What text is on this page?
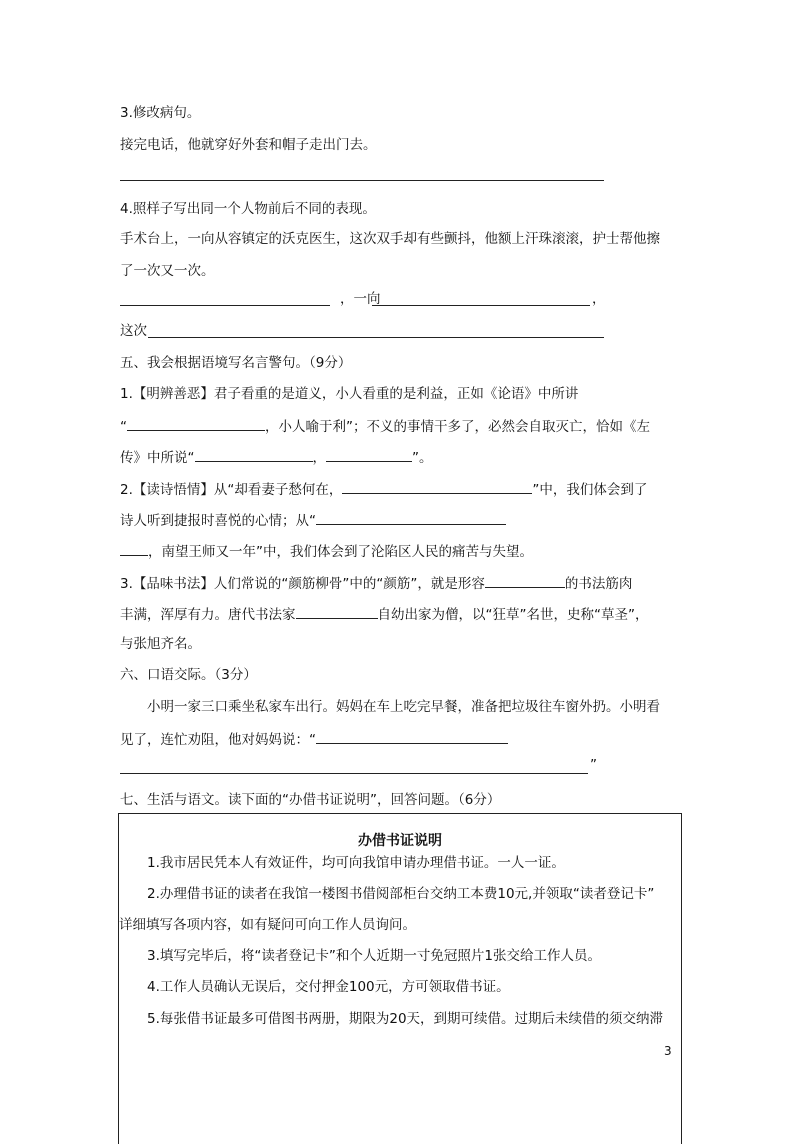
3.修改病句。
接完电话，他就穿好外套和帽子走出门去。
4.照样子写出同一个人物前后不同的表现。
手术台上，一向从容镇定的沃克医生，这次双手却有些颤抖，他额上汗珠滚滚，护士帮他擦
了一次又一次。
，一向	，
这次
五、我会根据语境写名言警句。（9分）
1.【明辨善恶】君子看重的是道义，小人看重的是利益，正如《论语》中所讲
“	，小人喻于利”；不义的事情干多了，必然会自取灭亡，恰如《左
传》中所说“	，	”。
2.【读诗悟情】从“却看妻子愁何在，	”中，我们体会到了
诗人听到捷报时喜悦的心情；从“
，南望王师又一年”中，我们体会到了沦陷区人民的痛苦与失望。
3.【品味书法】人们常说的“颜筋柳骨”中的“颜筋”，就是形容	的书法筋肉
丰满，浑厚有力。唐代书法家	自幼出家为僧，以“狂草”名世，史称“草圣”，
与张旭齐名。
六、口语交际。（3分）
小明一家三口乘坐私家车出行。妈妈在车上吃完早餐，准备把垃圾往车窗外扔。小明看
见了，连忙劝阻，他对妈妈说：“
”
七、生活与语文。读下面的“办借书证说明”，回答问题。（6分）
办借书证说明
1.我市居民凭本人有效证件，均可向我馆申请办理借书证。一人一证。
2.办理借书证的读者在我馆一楼图书借阅部柜台交纳工本费10元,并领取“读者登记卡”
详细填写各项内容，如有疑问可向工作人员询问。
3.填写完毕后，将“读者登记卡”和个人近期一寸免冠照片1张交给工作人员。
4.工作人员确认无误后，交付押金100元，方可领取借书证。
5.每张借书证最多可借图书两册，期限为20天，到期可续借。过期后未续借的须交纳滞
3
